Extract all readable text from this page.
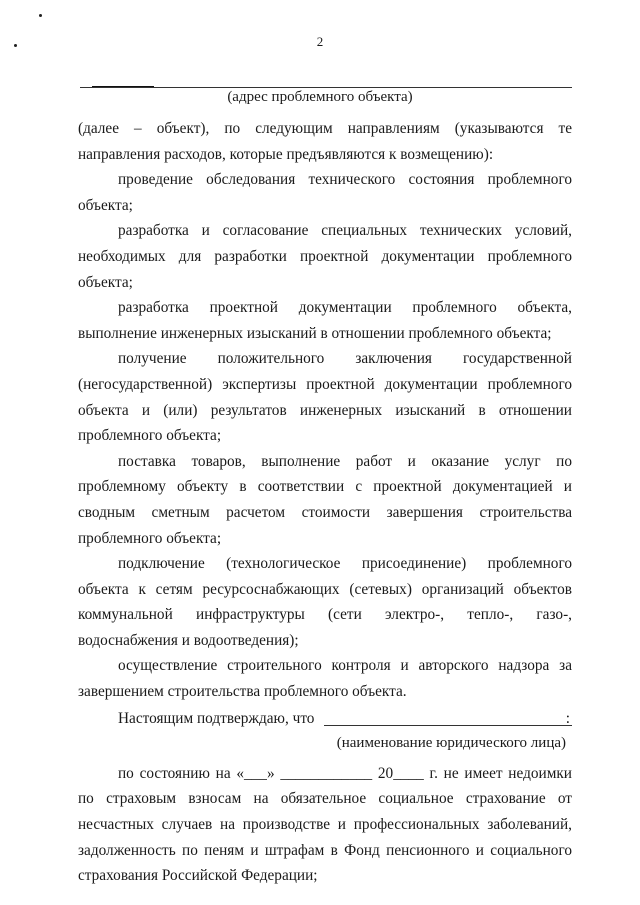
2
(адрес проблемного объекта)

(далее – объект), по следующим направлениям (указываются те направления расходов, которые предъявляются к возмещению):

проведение обследования технического состояния проблемного объекта;

разработка и согласование специальных технических условий, необходимых для разработки проектной документации проблемного объекта;

разработка проектной документации проблемного объекта, выполнение инженерных изысканий в отношении проблемного объекта;

получение положительного заключения государственной (негосударственной) экспертизы проектной документации проблемного объекта и (или) результатов инженерных изысканий в отношении проблемного объекта;

поставка товаров, выполнение работ и оказание услуг по проблемному объекту в соответствии с проектной документацией и сводным сметным расчетом стоимости завершения строительства проблемного объекта;

подключение (технологическое присоединение) проблемного объекта к сетям ресурсоснабжающих (сетевых) организаций объектов коммунальной инфраструктуры (сети электро-, тепло-, газо-, водоснабжения и водоотведения);

осуществление строительного контроля и авторского надзора за завершением строительства проблемного объекта.

Настоящим подтверждаю, что	:
(наименование юридического лица)

по состоянию на «___» ____________ 20____ г. не имеет недоимки по страховым взносам на обязательное социальное страхование от несчастных случаев на производстве и профессиональных заболеваний, задолженность по пеням и штрафам в Фонд пенсионного и социального страхования Российской Федерации;
